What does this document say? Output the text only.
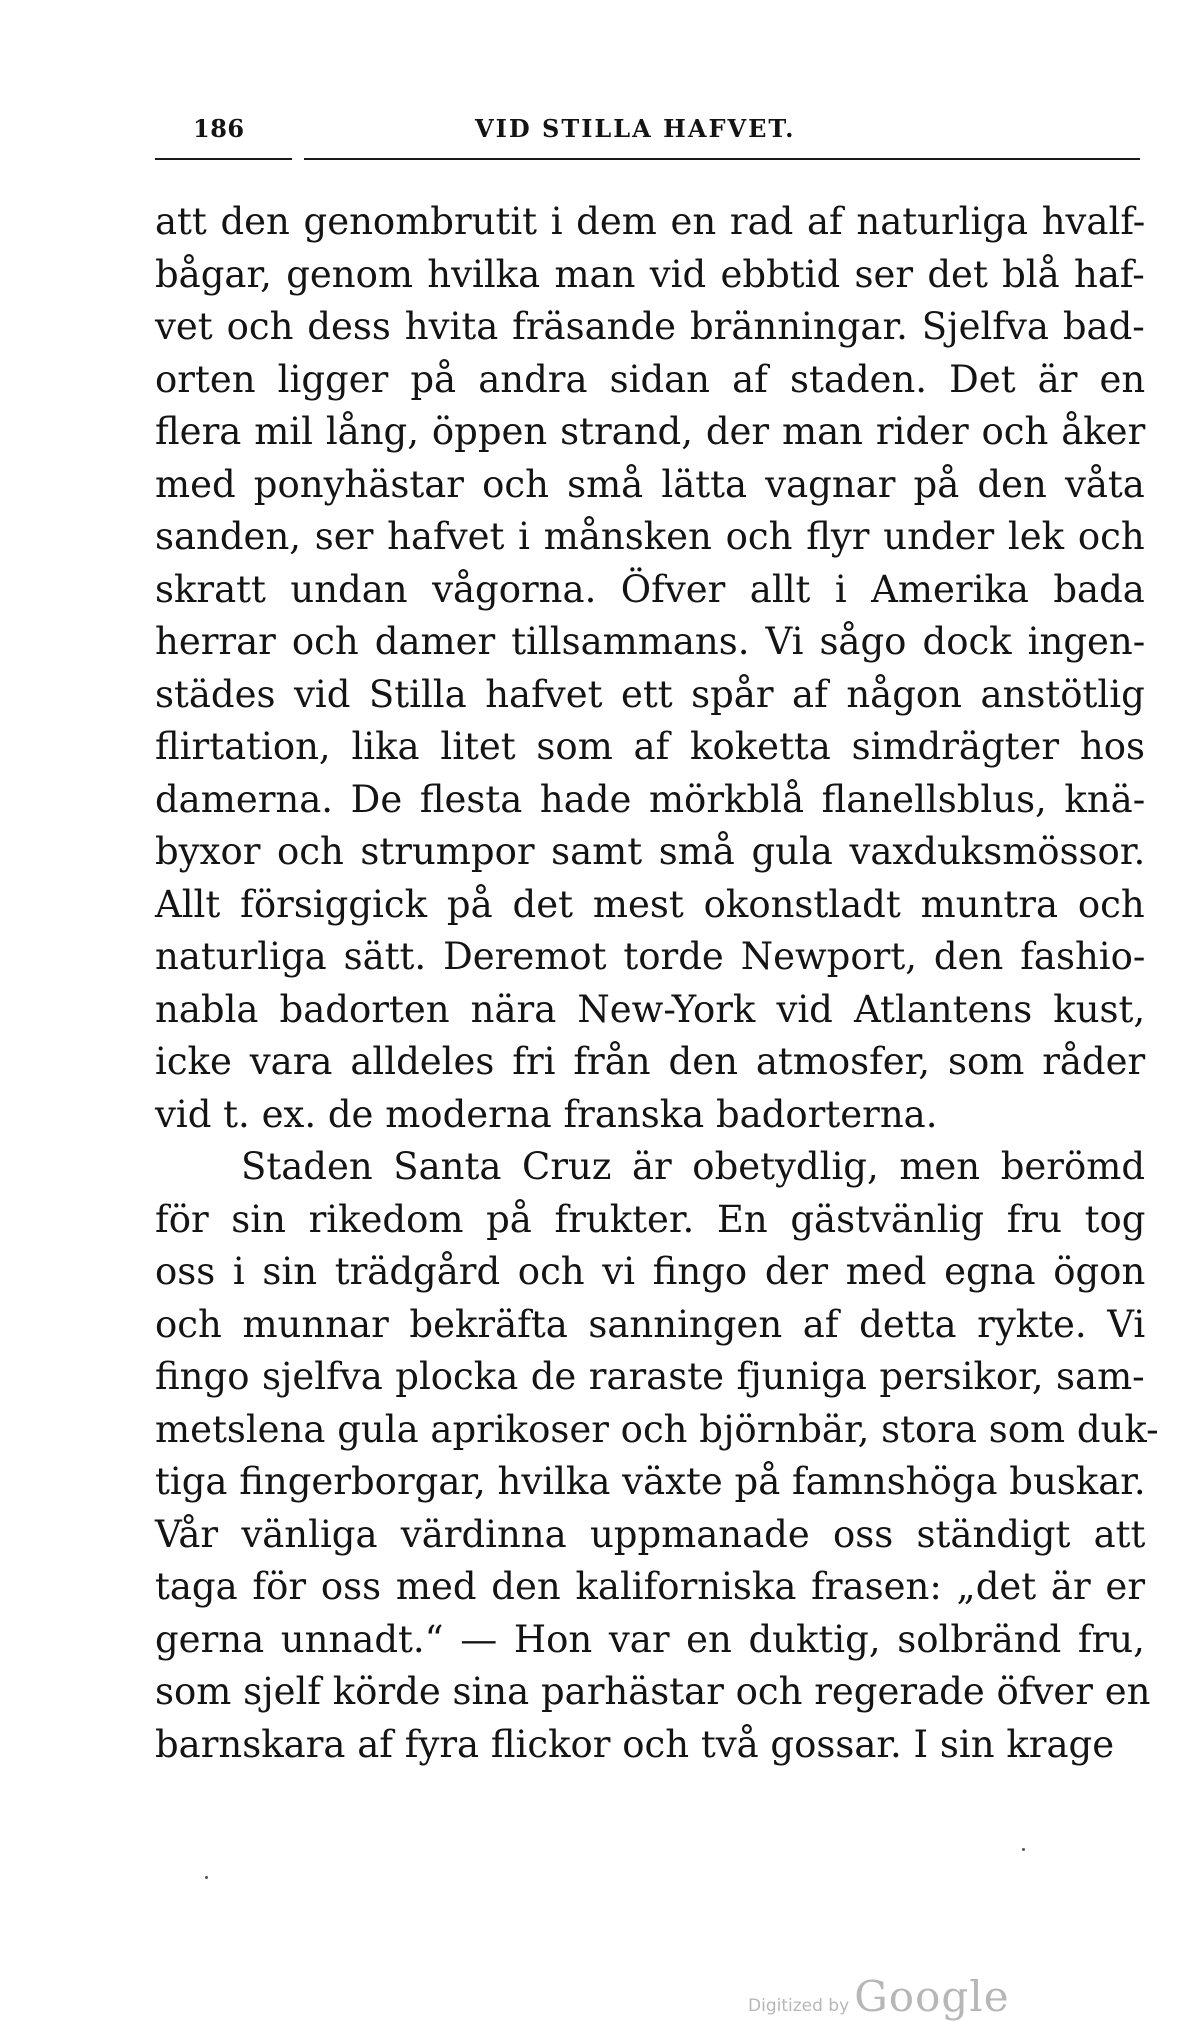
186	VID STILLA HAFVET.
att den genombrutit i dem en rad af naturliga hvalf-
bågar, genom hvilka man vid ebbtid ser det blå haf-
vet och dess hvita fräsande bränningar. Sjelfva bad-
orten ligger på andra sidan af staden. Det är en
flera mil lång, öppen strand, der man rider och åker
med ponyhästar och små lätta vagnar på den våta
sanden, ser hafvet i månsken och flyr under lek och
skratt undan vågorna. Öfver allt i Amerika bada
herrar och damer tillsammans. Vi sågo dock ingen-
städes vid Stilla hafvet ett spår af någon anstötlig
flirtation, lika litet som af koketta simdrägter hos
damerna. De flesta hade mörkblå flanellsblus, knä-
byxor och strumpor samt små gula vaxduksmössor.
Allt försiggick på det mest okonstladt muntra och
naturliga sätt. Deremot torde Newport, den fashio-
nabla badorten nära New-York vid Atlantens kust,
icke vara alldeles fri från den atmosfer, som råder
vid t. ex. de moderna franska badorterna.
Staden Santa Cruz är obetydlig, men berömd
för sin rikedom på frukter. En gästvänlig fru tog
oss i sin trädgård och vi fingo der med egna ögon
och munnar bekräfta sanningen af detta rykte. Vi
fingo sjelfva plocka de raraste fjuniga persikor, sam-
metslena gula aprikoser och björnbär, stora som duk-
tiga fingerborgar, hvilka växte på famnshöga buskar.
Vår vänliga värdinna uppmanade oss ständigt att
taga för oss med den kaliforniska frasen: „det är er
gerna unnadt.“ — Hon var en duktig, solbränd fru,
som sjelf körde sina parhästar och regerade öfver en
barnskara af fyra flickor och två gossar. I sin krage
Digitized by Google
